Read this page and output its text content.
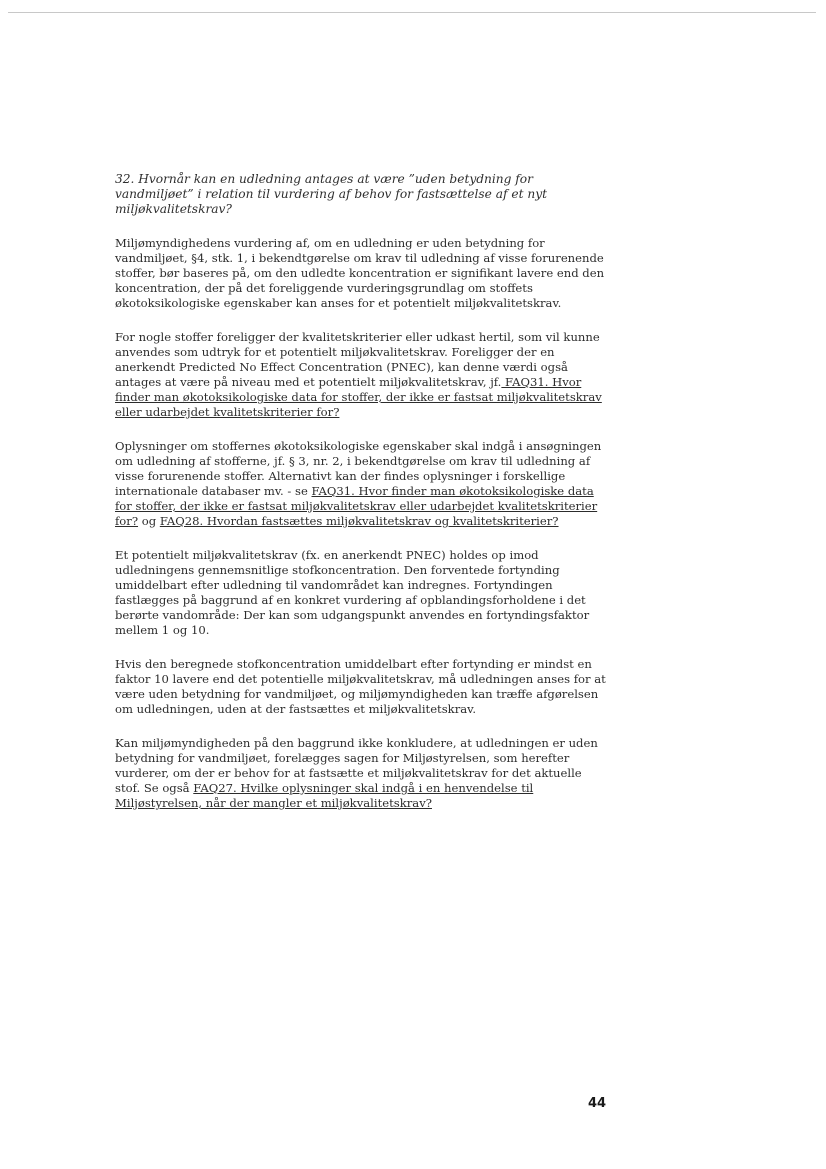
32. Hvornår kan en udledning antages at være ”uden betydning for vandmiljøet” i relation til vurdering af behov for fastsættelse af et nyt miljøkvalitetskrav?

Miljømyndighedens vurdering af, om en udledning er uden betydning for vandmiljøet, §4, stk. 1, i bekendtgørelse om krav til udledning af visse forurenende stoffer, bør baseres på, om den udledte koncentration er signifikant lavere end den koncentration, der på det foreliggende vurderingsgrundlag om stoffets økotoksikologiske egenskaber kan anses for et potentielt miljøkvalitetskrav.

For nogle stoffer foreligger der kvalitetskriterier eller udkast hertil, som vil kunne anvendes som udtryk for et potentielt miljøkvalitetskrav. Foreligger der en anerkendt Predicted No Effect Concentration (PNEC), kan denne værdi også antages at være på niveau med et potentielt miljøkvalitetskrav, jf. FAQ31. Hvor finder man økotoksikologiske data for stoffer, der ikke er fastsat miljøkvalitetskrav eller udarbejdet kvalitetskriterier for?

Oplysninger om stoffernes økotoksikologiske egenskaber skal indgå i ansøgningen om udledning af stofferne, jf. § 3, nr. 2, i bekendtgørelse om krav til udledning af visse forurenende stoffer. Alternativt kan der findes oplysninger i forskellige internationale databaser mv. - se FAQ31. Hvor finder man økotoksikologiske data for stoffer, der ikke er fastsat miljøkvalitetskrav eller udarbejdet kvalitetskriterier for? og FAQ28. Hvordan fastsættes miljøkvalitetskrav og kvalitetskriterier?

Et potentielt miljøkvalitetskrav (fx. en anerkendt PNEC) holdes op imod udledningens gennemsnitlige stofkoncentration. Den forventede fortynding umiddelbart efter udledning til vandområdet kan indregnes. Fortyndingen fastlægges på baggrund af en konkret vurdering af opblandingsforholdene i det berørte vandområde: Der kan som udgangspunkt anvendes en fortyndingsfaktor mellem 1 og 10.

Hvis den beregnede stofkoncentration umiddelbart efter fortynding er mindst en faktor 10 lavere end det potentielle miljøkvalitetskrav, må udledningen anses for at være uden betydning for vandmiljøet, og miljømyndigheden kan træffe afgørelsen om udledningen, uden at der fastsættes et miljøkvalitetskrav.

Kan miljømyndigheden på den baggrund ikke konkludere, at udledningen er uden betydning for vandmiljøet, forelægges sagen for Miljøstyrelsen, som herefter vurderer, om der er behov for at fastsætte et miljøkvalitetskrav for det aktuelle stof. Se også FAQ27. Hvilke oplysninger skal indgå i en henvendelse til Miljøstyrelsen, når der mangler et miljøkvalitetskrav?

44
